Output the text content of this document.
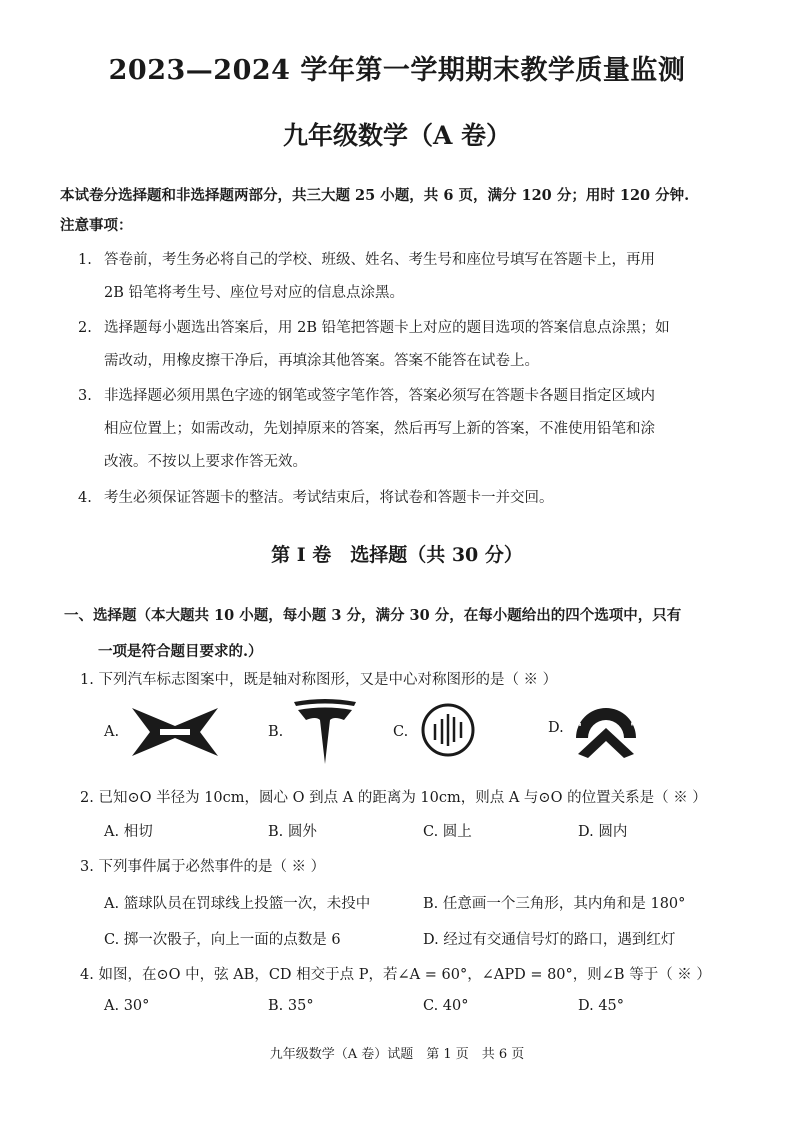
2023—2024 学年第一学期期末教学质量监测
九年级数学（A 卷）
本试卷分选择题和非选择题两部分，共三大题 25 小题，共 6 页，满分 120 分；用时 120 分钟.
注意事项：
1. 答卷前，考生务必将自己的学校、班级、姓名、考生号和座位号填写在答题卡上，再用
2B 铅笔将考生号、座位号对应的信息点涂黑。
2. 选择题每小题选出答案后，用 2B 铅笔把答题卡上对应的题目选项的答案信息点涂黑；如
需改动，用橡皮擦干净后，再填涂其他答案。答案不能答在试卷上。
3. 非选择题必须用黑色字迹的钢笔或签字笔作答，答案必须写在答题卡各题目指定区域内
相应位置上；如需改动，先划掉原来的答案，然后再写上新的答案，不准使用铅笔和涂
改液。不按以上要求作答无效。
4. 考生必须保证答题卡的整洁。考试结束后，将试卷和答题卡一并交回。
第 I 卷　选择题（共 30 分）
一、选择题（本大题共 10 小题，每小题 3 分，满分 30 分，在每小题给出的四个选项中，只有
一项是符合题目要求的.）
1. 下列汽车标志图案中，既是轴对称图形，又是中心对称图形的是（ ※ ）
A.	B.	C.	D.
2. 已知⊙O 半径为 10cm，圆心 O 到点 A 的距离为 10cm，则点 A 与⊙O 的位置关系是（ ※ ）
A. 相切	B. 圆外	C. 圆上	D. 圆内
3. 下列事件属于必然事件的是（ ※ ）
A. 篮球队员在罚球线上投篮一次，未投中	B. 任意画一个三角形，其内角和是 180°
C. 掷一次骰子，向上一面的点数是 6	D. 经过有交通信号灯的路口，遇到红灯
4. 如图，在⊙O 中，弦 AB，CD 相交于点 P，若∠A = 60°，∠APD = 80°，则∠B 等于（ ※ ）
A. 30°	B. 35°	C. 40°	D. 45°
九年级数学（A 卷）试题　第 1 页　共 6 页
